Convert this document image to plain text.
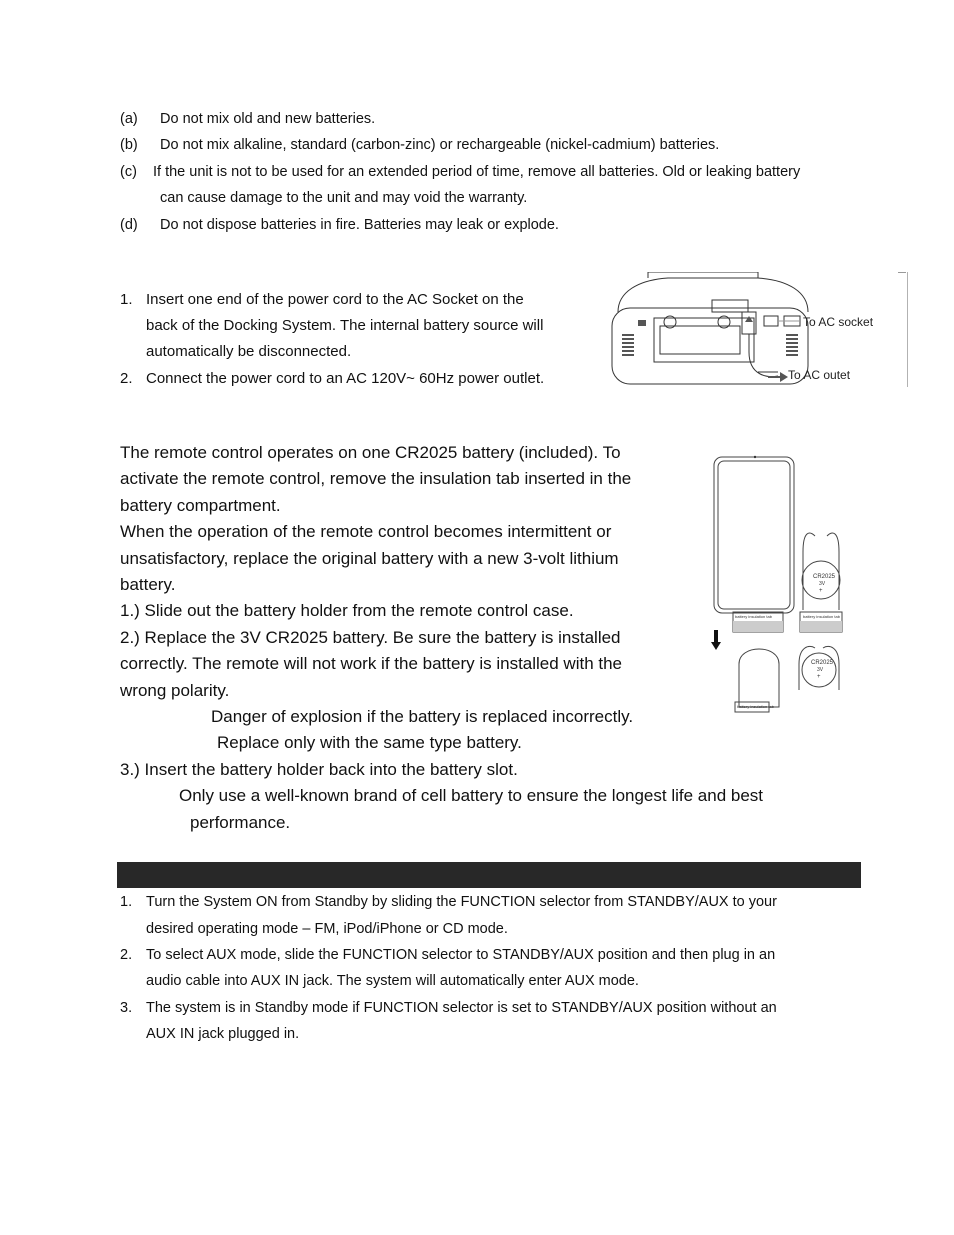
(a) Do not mix old and new batteries.
(b) Do not mix alkaline, standard (carbon-zinc) or rechargeable (nickel-cadmium) batteries.
(c) If the unit is not to be used for an extended period of time, remove all batteries. Old or leaking battery
can cause damage to the unit and may void the warranty.
(d) Do not dispose batteries in fire. Batteries may leak or explode.
1. Insert one end of the power cord to the AC Socket on the
back of the Docking System. The internal battery source will
automatically be disconnected.
2. Connect the power cord to an AC 120V~ 60Hz power outlet.
To AC socket
To AC outet
The remote control operates on one CR2025 battery (included). To
activate the remote control, remove the insulation tab inserted in the
battery compartment.
When the operation of the remote control becomes intermittent or
unsatisfactory, replace the original battery with a new 3-volt lithium
battery.
1.) Slide out the battery holder from the remote control case.
2.) Replace the 3V CR2025 battery. Be sure the battery is installed
correctly. The remote will not work if the battery is installed with the
wrong polarity.
Danger of explosion if the battery is replaced incorrectly.
Replace only with the same type battery.
3.) Insert the battery holder back into the battery slot.
Only use a well-known brand of cell battery to ensure the longest life and best
performance.
battery insulation tab	battery insulation tab
battery insulation tab
CR2025
3V
+
CR2025
3V
+
1. Turn the System ON from Standby by sliding the FUNCTION selector from STANDBY/AUX to your
desired operating mode – FM, iPod/iPhone or CD mode.
2. To select AUX mode, slide the FUNCTION selector to STANDBY/AUX position and then plug in an
audio cable into AUX IN jack. The system will automatically enter AUX mode.
3. The system is in Standby mode if FUNCTION selector is set to STANDBY/AUX position without an
AUX IN jack plugged in.
